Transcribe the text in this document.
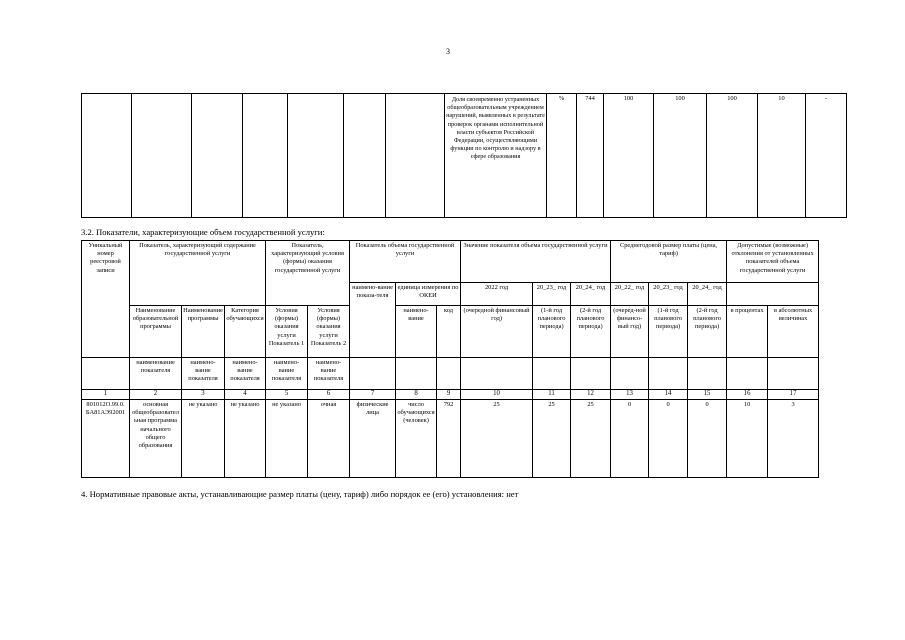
3
							Доля своевременно устраненных общеобразовательным учреждением нарушений, выявленных в результате проверок органами исполнительной власти субъектов Российской Федерации, осуществляющими функции по контролю и надзору в сфере образования	%	744	100	100	100	10	-
3.2. Показатели, характеризующие объем государственной услуги:
Уникальный номер реестровой записи	Показатель, характеризующий содержание государственной услуги			Показатель, характеризующий условия (формы) оказания государственной услуги		Показатель объема государственной услуги			Значение показателя объема государственной услуги			Среднегодовой размер платы (цена, тариф)			Допустимые (возможные) отклонения от установленных показателей объема государственной услуги	
						наимено-вание показа-теля	единица измерения по ОКЕИ		2022 год	20_23_ год	20_24_ год	20_22_ год	20_23_ год	20_24_ год		
	Наименование образовательной программы	Наименование программы	Категория обучающихся	Условия (формы) оказания услуги Показатель 1	Условия (формы) оказания услуги Показатель 2		наимено-вание	код	(очередной финансовый год)	(1-й год планового периода)	(2-й год планового периода)	(очеред-ной финансо-вый год)	(1-й год планового периода)	(2-й год планового периода)	в процентах	в абсолютных величинах
	наименование показателя	наимено-вание показателя	наимено-вание показателя	наимено-вание показателя	наимено-вание показателя											
1	2	3	4	5	6	7	8	9	10	11	12	13	14	15	16	17
801012О.99.0. БА81АЭ92001	основная общеобразовательная программа начального общего образования	не указано	не указано	не указано	очная	физические лица	число обучающихся (человек)	792	25	25	25	0	0	0	10	3
4. Нормативные правовые акты, устанавливающие размер платы (цену, тариф) либо порядок ее (его) установления: нет
